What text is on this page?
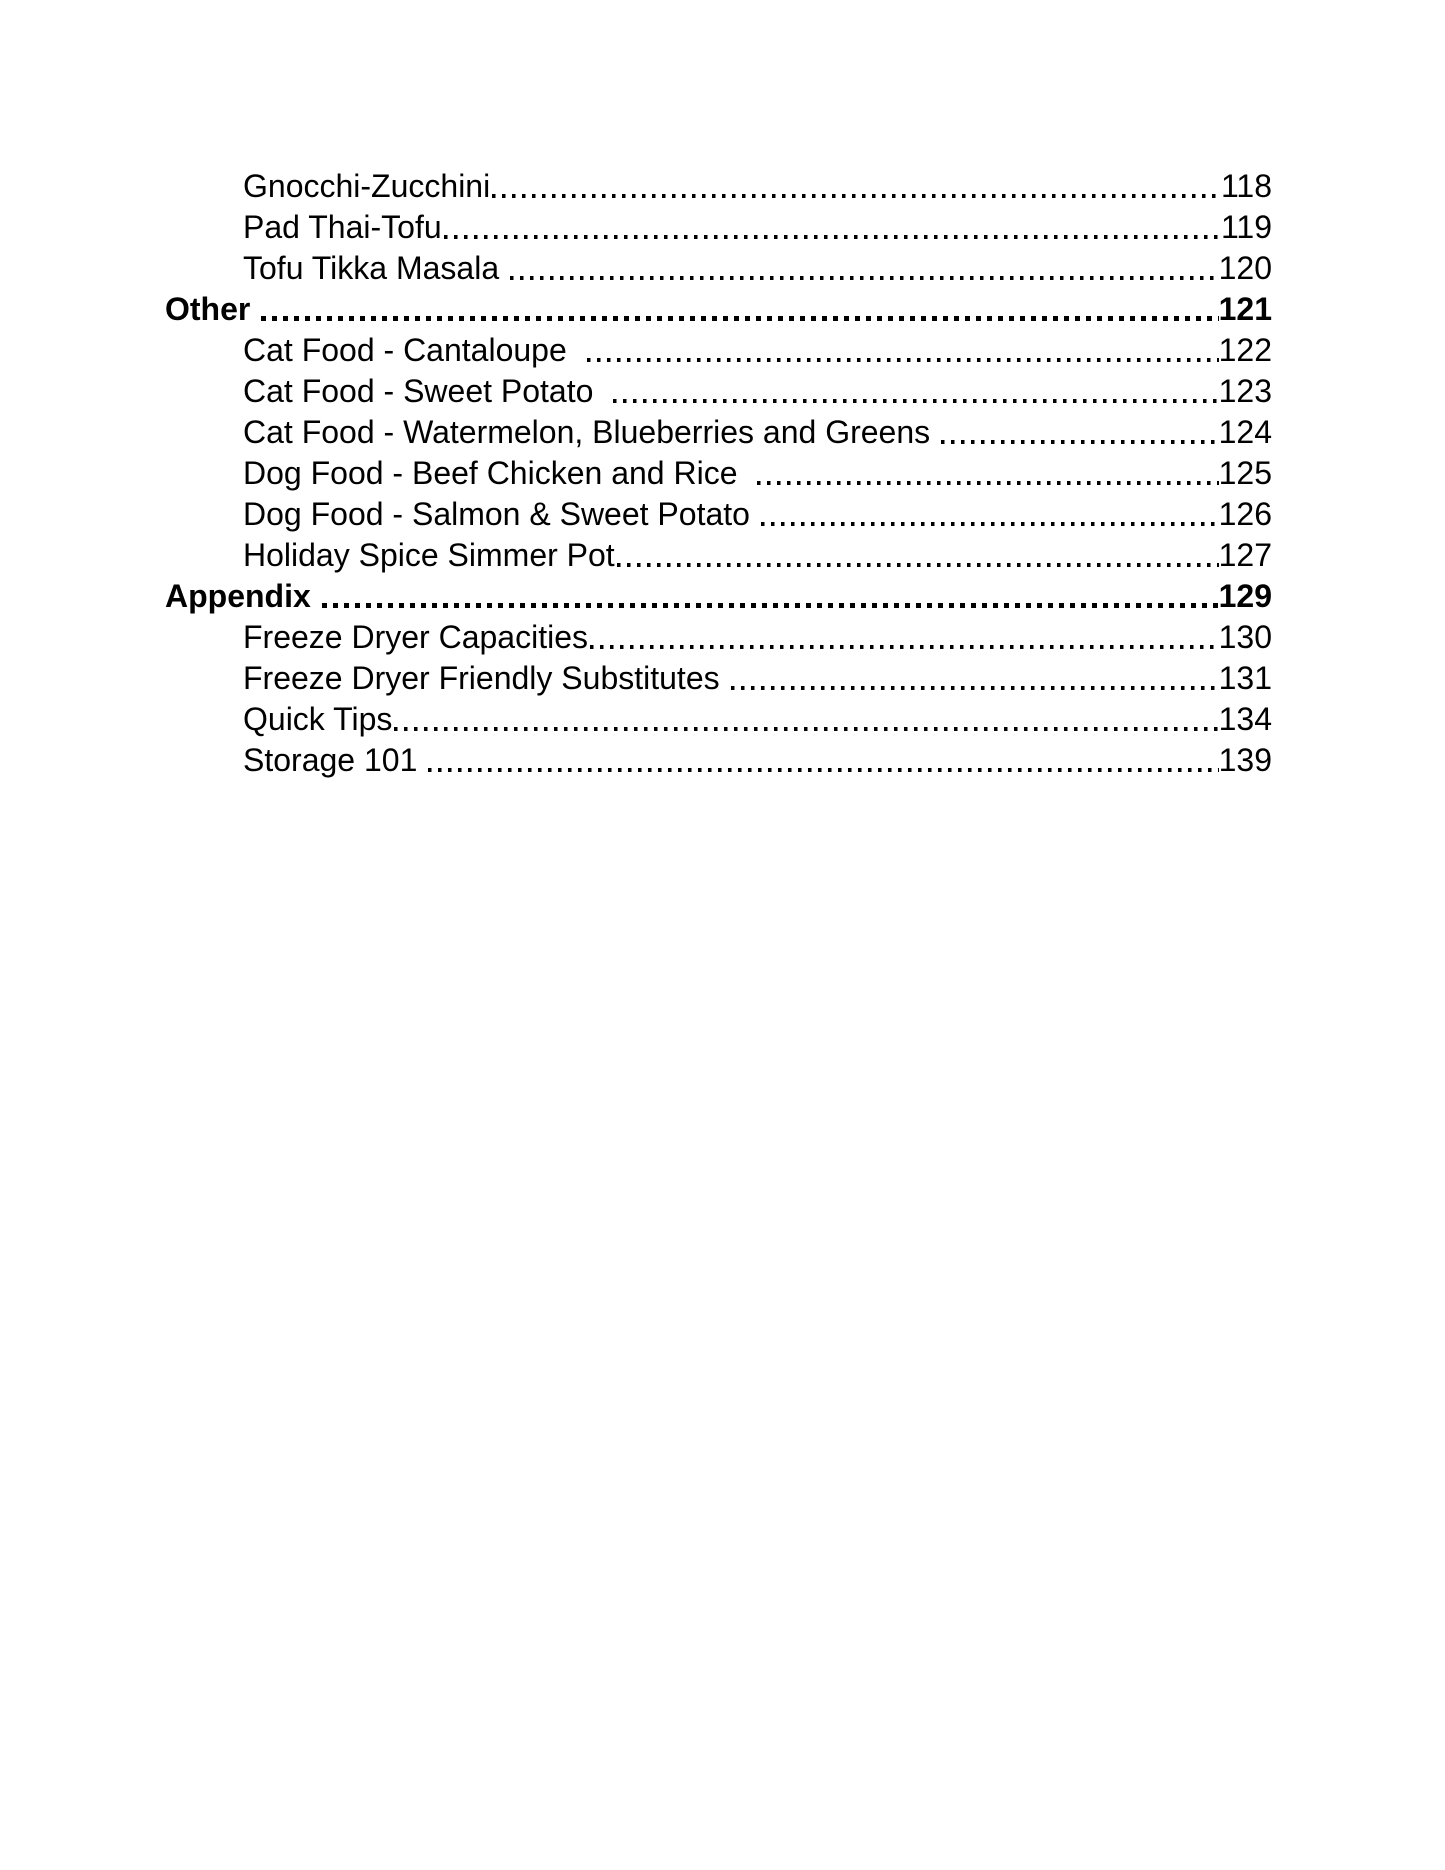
Gnocchi-Zucchini	118
Pad Thai-Tofu	119
Tofu Tikka Masala	120
Other	121
Cat Food - Cantaloupe	122
Cat Food - Sweet Potato	123
Cat Food - Watermelon, Blueberries and Greens	124
Dog Food - Beef Chicken and Rice	125
Dog Food - Salmon & Sweet Potato	126
Holiday Spice Simmer Pot	127
Appendix	129
Freeze Dryer Capacities	130
Freeze Dryer Friendly Substitutes	131
Quick Tips	134
Storage 101	139
